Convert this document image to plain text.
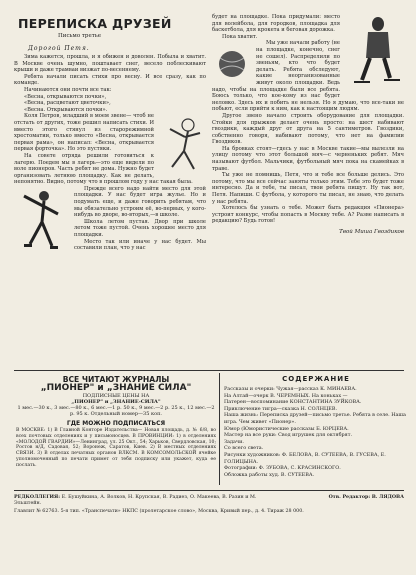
ПЕРЕПИСКА ДРУЗЕЙ
Письмо третье
Дорогой Петя.

Зима кажется, прошла, и я обижен и доволен. Побыла и хватит. В Москве очень шумно, поштавает снег, весело поблескивают крыши и даже трамваи визжат по-весеннему.

Ребята начали писать стихи про весну. И все сразу, как по команде.

Начинаются они почти все так:

«Весна, открываются почки»,

«Весна, расцветают цветочки»,

«Весна. Открываются почки».

Коля Петров, младший в моем звене— чтоб не отстать от других, тоже решил написать стихи. И вместо этого стянул из старорежимной хрестоматии, только вместо «Весна, открывается первая рама», он написал: «Весна, открывается первая форточка». Но это пустяки.

На совете отряда решили готовиться к лагерю. Поедем мы в лагерь—это еще видели по воле пионеров. Часть ребят не дома. Нужно будет организовать летнюю площадку. Как не делать, непонятно. Видно, потому что в прошлом году у нас такая была.

Прежде всего надо найти место для этой площадки. У нас будет игра жулье. Но и подумать еще, и даже говорить ребятам, что мы обязательно устроим её, во-первых, у кого-нибудь во дворе, во-вторых,—в школе.

Школа летом пустая. Двор при школе летом тоже пустой. Очень хорошее место для площадки.

Место так или иначе у нас будет. Мы составили план, что у нас

будет на площадке. Пока придумали: место для волейбола, для городков, площадка для баскетбола, для крокета и беговая дорожка.

Пока хватит.

Мы уже начали работу (не на площадке, конечно, снег не сошел). Распределили по звеньям, кто что будет делать. Ребята обследуют, какие неорганизованные живут около площадки. Ведь надо, чтобы на площадке были все ребята. Боюсь только, что кое-кому из нас будет неловко. Здесь их и побить не нельзя. Но я думаю, что все-таки не побьют, если прийти к ним, как к настоящим людям.

Другое звено начало строить оборудование для площадки. Стойки для прыжков делает очень просто: на шест набивают гвоздики, каждый друг от друга на 5 сантиметров. Гвоздики, собственно говоря, набивают потому, что нет на фамилии Гвоздиков.

На бровках стоят—гдесь у нас в Москве такие—мы вылезли на улицу потому что этот большой мяч—с черненьких ребят. Мяч называют футбол. Мальчики, футбольный мяч пока на скамейках в траве.

Ты уже не помнишь, Петя, что и тебе все больше делись. Это потому, что мы все сейчас заняты только этим. Тебе это будет тоже интересно. Да и тебе, ты писал, твои ребята пишут. Ну так вот, Петя. Напиши. С футбола, у которого ты писал, не знаю, что делать у нас ребята.

Хотелось бы узнать о тебе. Может быть редакция «Пионера» устроит конкурс, чтобы попасть в Москву тебе. А? Разве написать в редакцию? Будь готов!

Твой Миша Гвоздиков
ВСЕ ЧИТАЮТ ЖУРНАЛЫ
„ПИОНЕР" и „ЗНАНИЕ СИЛА"
ПОДПИСНЫЕ ЦЕНЫ НА
„ПИОНЕР" и „ЗНАНИЕ-СИЛА"
1 мес.—30 к., 3 мес.—80 к., 6 мес.—1 р. 50 к., 9 мес.—2 р. 25 к., 12 мес.—2 р. 95 к. Отдельный номер—35 коп.
ГДЕ МОЖНО ПОДПИСАТЬСЯ

В МОСКВЕ: 1) В Главной Конторе Издательства— Новая площадь, д. № 6/8, во всех почтовых отделениях и у письмоносцев. В ПРОВИНЦИИ: 1) в отделениях «МОЛОДОЙ ГВАРДИИ»—Ленинград, ул. 25 Окт., 54; Харьков, Свердловская, 10; Ростов н/Д, Садовая, 52; Воронеж, Саратов, Киев. 2) В местных отделениях СВЯЗИ. 3) В отделах печатных органов ВЛКСМ. В КОМСОМОЛЬСКОЙ ячейке уполномоченный по печати примет от тебя подписку или укажет, куда ее послать.

СОДЕРЖАНИЕ
Рассказы и очерки: Чужая—рассказ К. МИНАЕВА.
На Алтай—очерк В. ЧЕРЕМНЫХ. На коньках —
Патерен—воспоминание КОНСТАНТИНА ЗУЙКОВА.
Приключение тигра—сказка Н. СОЛНЦЕВ.
Наша жизнь: Переписка друзей—письмо третье. Ребята в селе. Наша игра. Чем живет «Пионер».
Юмор (Юмористические рассказы Б. ЮРЦЕВА.
Мастер на все руки: Свод игрушек для октябрят.
Задачи.
Со всего света.
Рисунки художников: Ф. БЕЛОВА, В. СУТЕЕВА, В. ГУСЕВА, Е. ГОЛИЦЫНА.
Фотографии: Ф. ЗУБОВА, С. КРАСИНСКОГО.
Обложка работы худ. В. СУТЕЕВА.
РЕДКОЛЛЕГИЯ: Е. Бушуйкина, А. Волков, Н. Крупская, В. Радиез, О. Макеева, В. Разин и М. Эльштейн.
Отв. Редактор: В. ЛЯДОВА
Главлит № 62763. 5-я тип. «Транспечати» НКПС (пролетарское слово», Москва, Кривый пер., д. 4. Тираж 28 000.
